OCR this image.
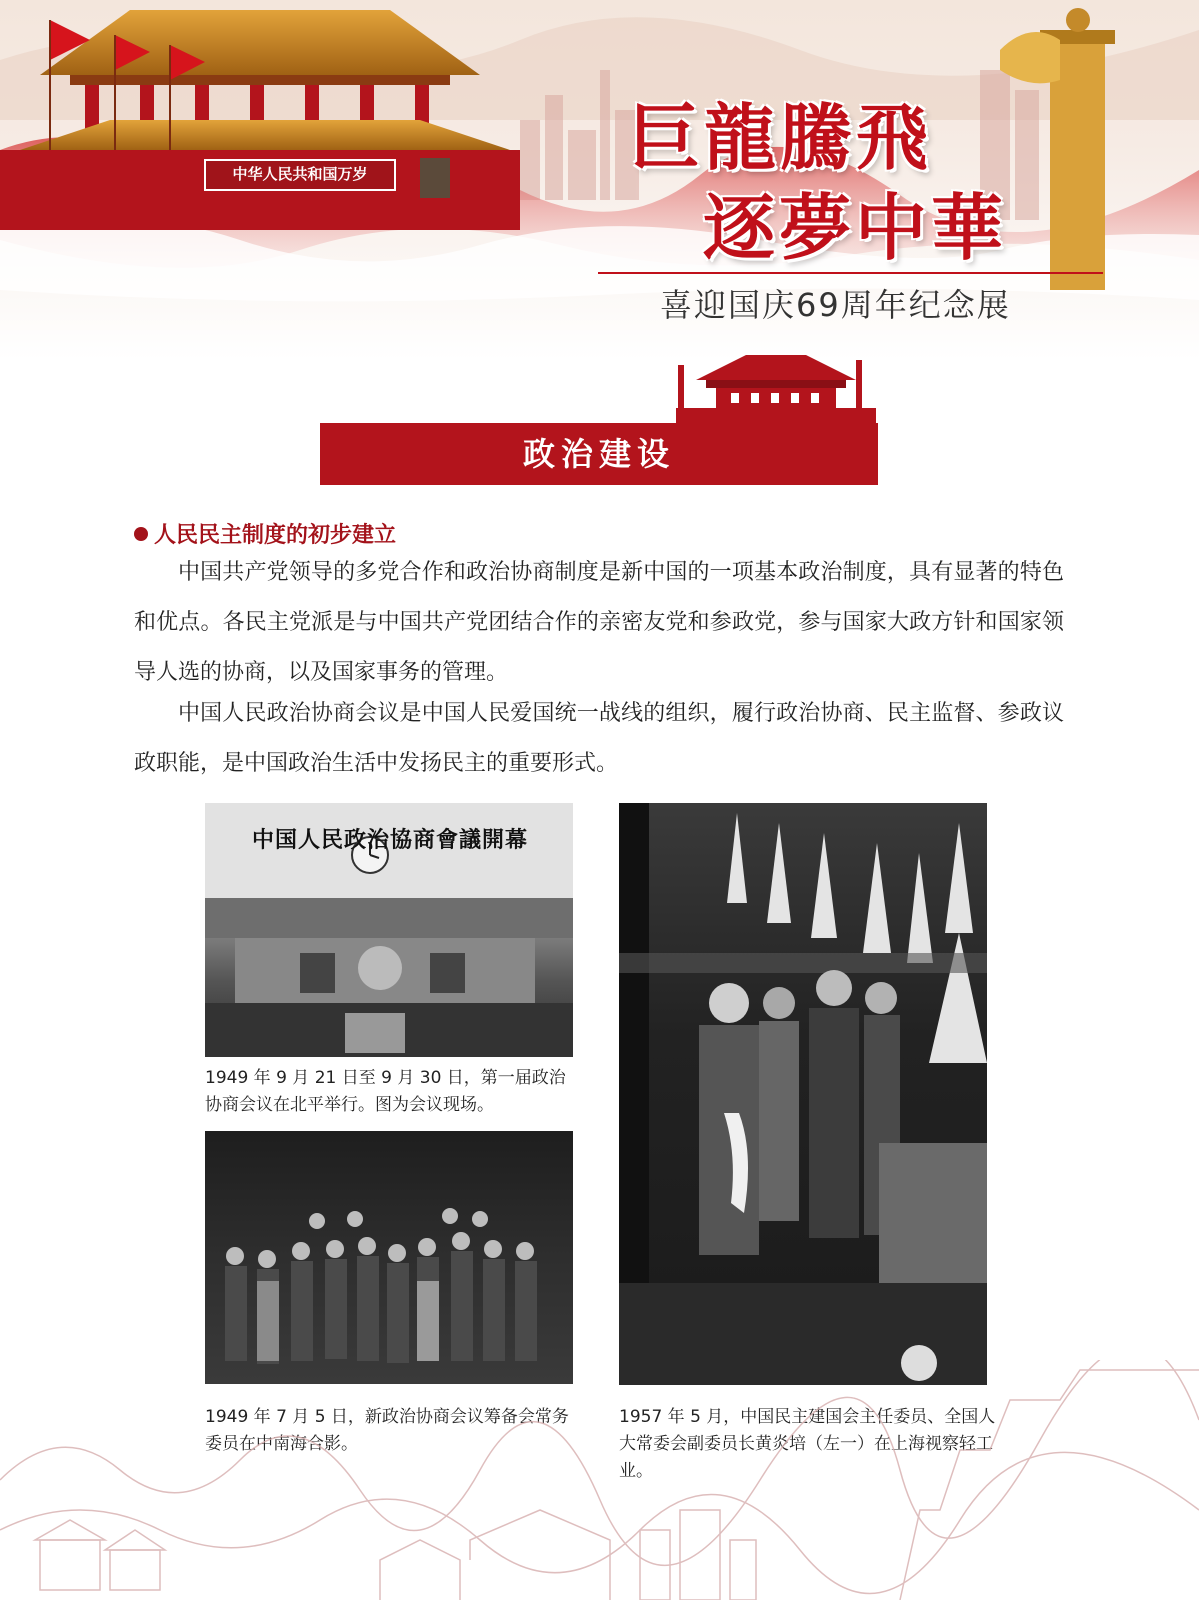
巨龍騰飛
逐夢中華
喜迎国庆69周年纪念展
中华人民共和国万岁
政治建设
人民民主制度的初步建立
中国共产党领导的多党合作和政治协商制度是新中国的一项基本政治制度，具有显著的特色和优点。各民主党派是与中国共产党团结合作的亲密友党和参政党，参与国家大政方针和国家领导人选的协商，以及国家事务的管理。
中国人民政治协商会议是中国人民爱国统一战线的组织，履行政治协商、民主监督、参政议政职能，是中国政治生活中发扬民主的重要形式。
中国人民政治協商會議開幕
1949 年 9 月 21 日至 9 月 30 日，第一届政治协商会议在北平举行。图为会议现场。
1949 年 7 月 5 日，新政治协商会议筹备会常务委员在中南海合影。
1957 年 5 月，中国民主建国会主任委员、全国人大常委会副委员长黄炎培（左一）在上海视察轻工业。
